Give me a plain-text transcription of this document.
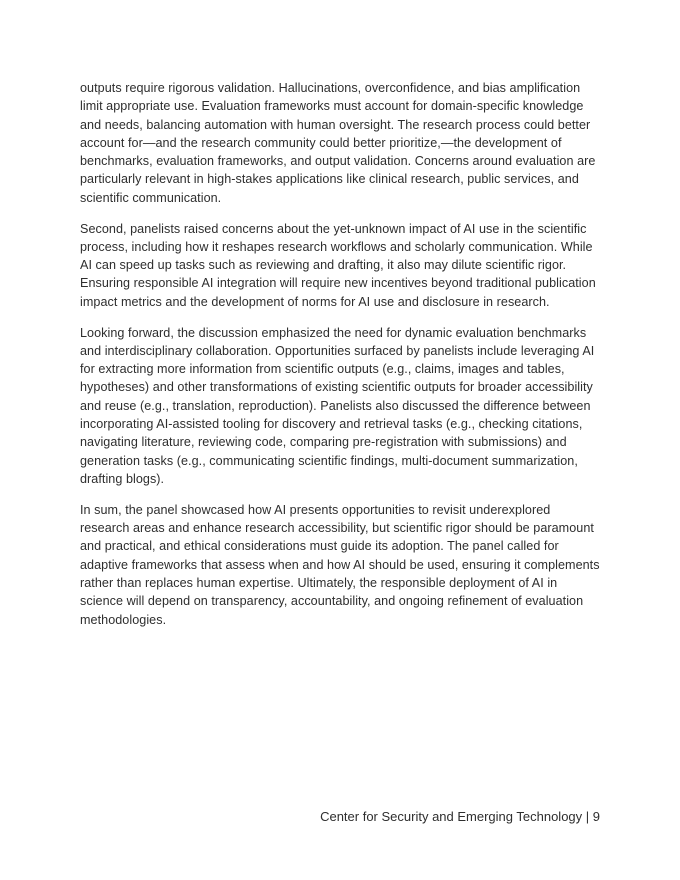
outputs require rigorous validation. Hallucinations, overconfidence, and bias amplification limit appropriate use. Evaluation frameworks must account for domain-specific knowledge and needs, balancing automation with human oversight. The research process could better account for—and the research community could better prioritize,—the development of benchmarks, evaluation frameworks, and output validation. Concerns around evaluation are particularly relevant in high-stakes applications like clinical research, public services, and scientific communication.

Second, panelists raised concerns about the yet-unknown impact of AI use in the scientific process, including how it reshapes research workflows and scholarly communication. While AI can speed up tasks such as reviewing and drafting, it also may dilute scientific rigor. Ensuring responsible AI integration will require new incentives beyond traditional publication impact metrics and the development of norms for AI use and disclosure in research.

Looking forward, the discussion emphasized the need for dynamic evaluation benchmarks and interdisciplinary collaboration. Opportunities surfaced by panelists include leveraging AI for extracting more information from scientific outputs (e.g., claims, images and tables, hypotheses) and other transformations of existing scientific outputs for broader accessibility and reuse (e.g., translation, reproduction). Panelists also discussed the difference between incorporating AI-assisted tooling for discovery and retrieval tasks (e.g., checking citations, navigating literature, reviewing code, comparing pre-registration with submissions) and generation tasks (e.g., communicating scientific findings, multi-document summarization, drafting blogs).

In sum, the panel showcased how AI presents opportunities to revisit underexplored research areas and enhance research accessibility, but scientific rigor should be paramount and practical, and ethical considerations must guide its adoption. The panel called for adaptive frameworks that assess when and how AI should be used, ensuring it complements rather than replaces human expertise. Ultimately, the responsible deployment of AI in science will depend on transparency, accountability, and ongoing refinement of evaluation methodologies.

Center for Security and Emerging Technology | 9
